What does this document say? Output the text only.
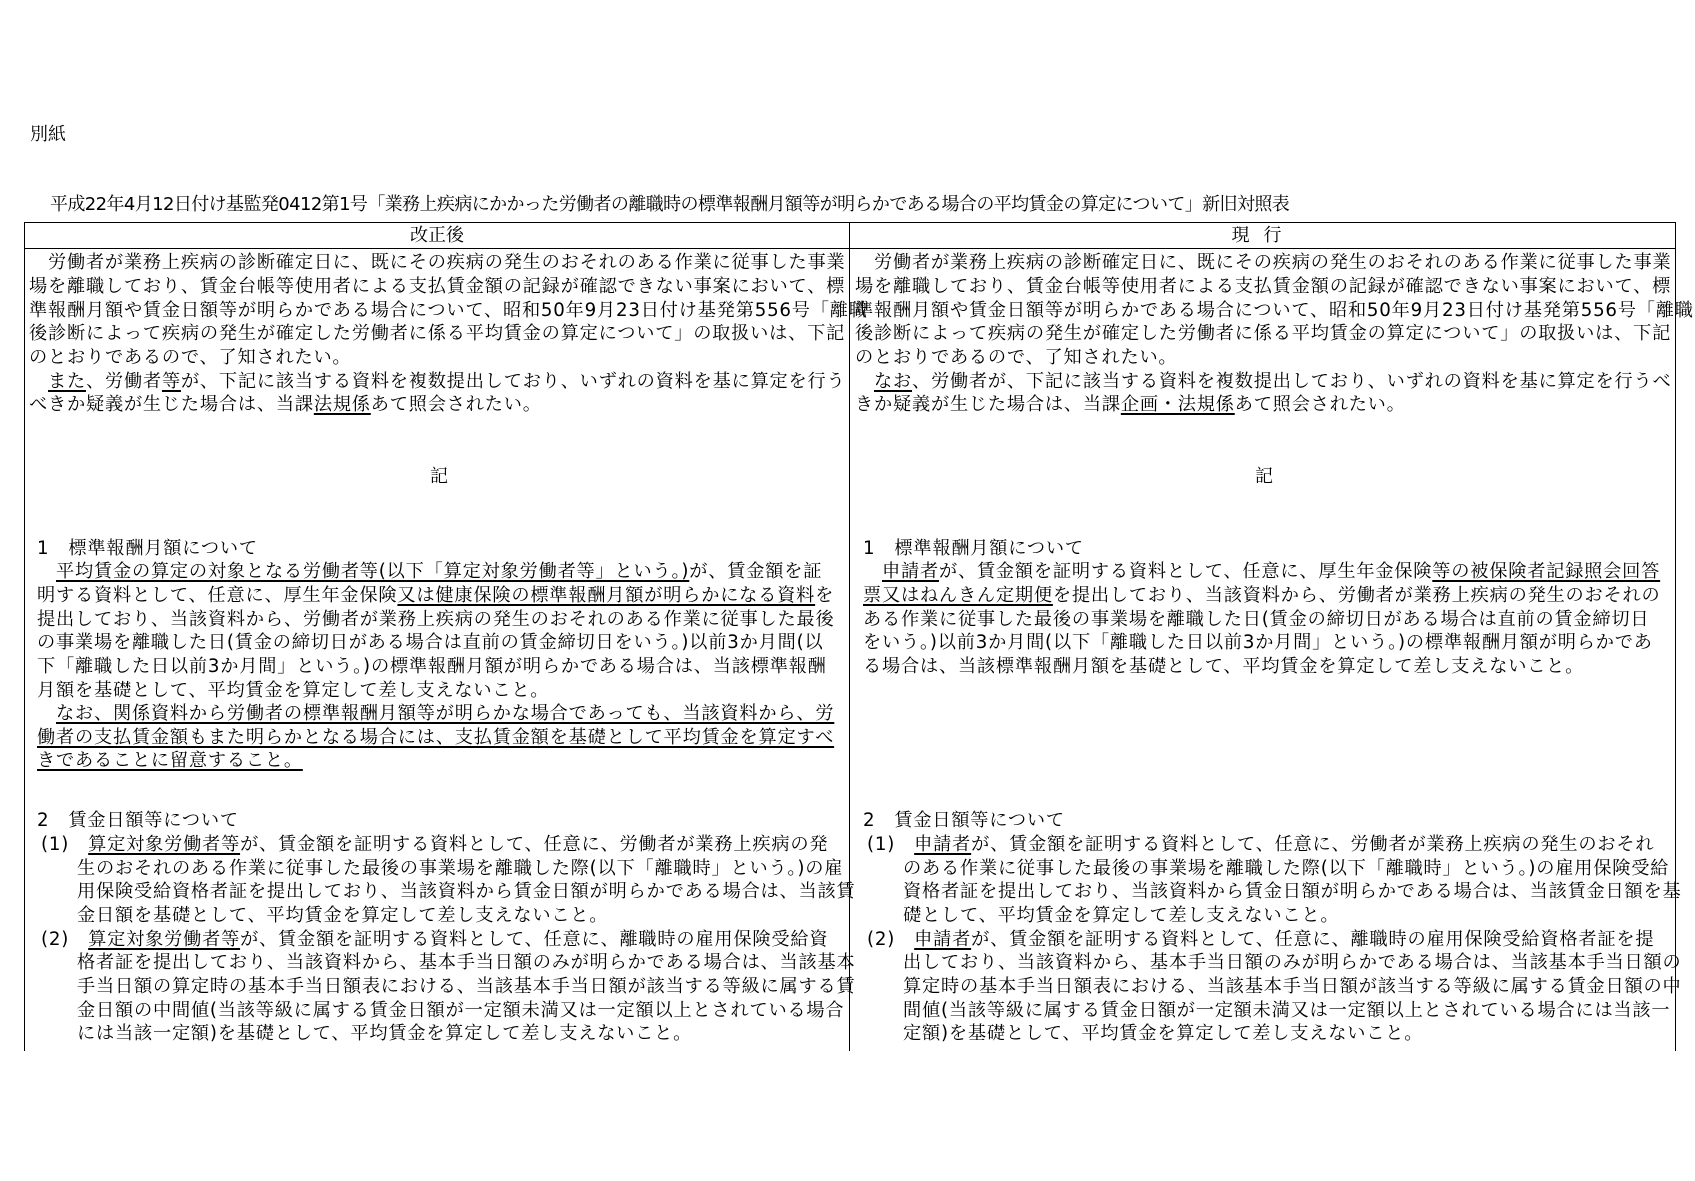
別紙
平成22年4月12日付け基監発0412第1号「業務上疾病にかかった労働者の離職時の標準報酬月額等が明らかである場合の平均賃金の算定について」新旧対照表
改正後	現行
記
　労働者が業務上疾病の診断確定日に、既にその疾病の発生のおそれのある作業に従事した事業
場を離職しており、賃金台帳等使用者による支払賃金額の記録が確認できない事案において、標
準報酬月額や賃金日額等が明らかである場合について、昭和50年9月23日付け基発第556号「離職
後診断によって疾病の発生が確定した労働者に係る平均賃金の算定について」の取扱いは、下記
のとおりであるので、了知されたい。
　また、労働者等が、下記に該当する資料を複数提出しており、いずれの資料を基に算定を行う
べきか疑義が生じた場合は、当課法規係あて照会されたい。
1　標準報酬月額について
　平均賃金の算定の対象となる労働者等(以下「算定対象労働者等」という。)が、賃金額を証
明する資料として、任意に、厚生年金保険又は健康保険の標準報酬月額が明らかになる資料を
提出しており、当該資料から、労働者が業務上疾病の発生のおそれのある作業に従事した最後
の事業場を離職した日(賃金の締切日がある場合は直前の賃金締切日をいう。)以前3か月間(以
下「離職した日以前3か月間」という。)の標準報酬月額が明らかである場合は、当該標準報酬
月額を基礎として、平均賃金を算定して差し支えないこと。
　なお、関係資料から労働者の標準報酬月額等が明らかな場合であっても、当該資料から、労
働者の支払賃金額もまた明らかとなる場合には、支払賃金額を基礎として平均賃金を算定すべ
きであることに留意すること。
2　賃金日額等について
(1)　算定対象労働者等が、賃金額を証明する資料として、任意に、労働者が業務上疾病の発
生のおそれのある作業に従事した最後の事業場を離職した際(以下「離職時」という。)の雇
用保険受給資格者証を提出しており、当該資料から賃金日額が明らかである場合は、当該賃
金日額を基礎として、平均賃金を算定して差し支えないこと。
(2)　算定対象労働者等が、賃金額を証明する資料として、任意に、離職時の雇用保険受給資
格者証を提出しており、当該資料から、基本手当日額のみが明らかである場合は、当該基本
手当日額の算定時の基本手当日額表における、当該基本手当日額が該当する等級に属する賃
金日額の中間値(当該等級に属する賃金日額が一定額未満又は一定額以上とされている場合
には当該一定額)を基礎として、平均賃金を算定して差し支えないこと。
記
　労働者が業務上疾病の診断確定日に、既にその疾病の発生のおそれのある作業に従事した事業
場を離職しており、賃金台帳等使用者による支払賃金額の記録が確認できない事案において、標
準報酬月額や賃金日額等が明らかである場合について、昭和50年9月23日付け基発第556号「離職
後診断によって疾病の発生が確定した労働者に係る平均賃金の算定について」の取扱いは、下記
のとおりであるので、了知されたい。
　なお、労働者が、下記に該当する資料を複数提出しており、いずれの資料を基に算定を行うべ
きか疑義が生じた場合は、当課企画・法規係あて照会されたい。
1　標準報酬月額について
　申請者が、賃金額を証明する資料として、任意に、厚生年金保険等の被保険者記録照会回答
票又はねんきん定期便を提出しており、当該資料から、労働者が業務上疾病の発生のおそれの
ある作業に従事した最後の事業場を離職した日(賃金の締切日がある場合は直前の賃金締切日
をいう。)以前3か月間(以下「離職した日以前3か月間」という。)の標準報酬月額が明らかであ
る場合は、当該標準報酬月額を基礎として、平均賃金を算定して差し支えないこと。
2　賃金日額等について
(1)　申請者が、賃金額を証明する資料として、任意に、労働者が業務上疾病の発生のおそれ
のある作業に従事した最後の事業場を離職した際(以下「離職時」という。)の雇用保険受給
資格者証を提出しており、当該資料から賃金日額が明らかである場合は、当該賃金日額を基
礎として、平均賃金を算定して差し支えないこと。
(2)　申請者が、賃金額を証明する資料として、任意に、離職時の雇用保険受給資格者証を提
出しており、当該資料から、基本手当日額のみが明らかである場合は、当該基本手当日額の
算定時の基本手当日額表における、当該基本手当日額が該当する等級に属する賃金日額の中
間値(当該等級に属する賃金日額が一定額未満又は一定額以上とされている場合には当該一
定額)を基礎として、平均賃金を算定して差し支えないこと。
